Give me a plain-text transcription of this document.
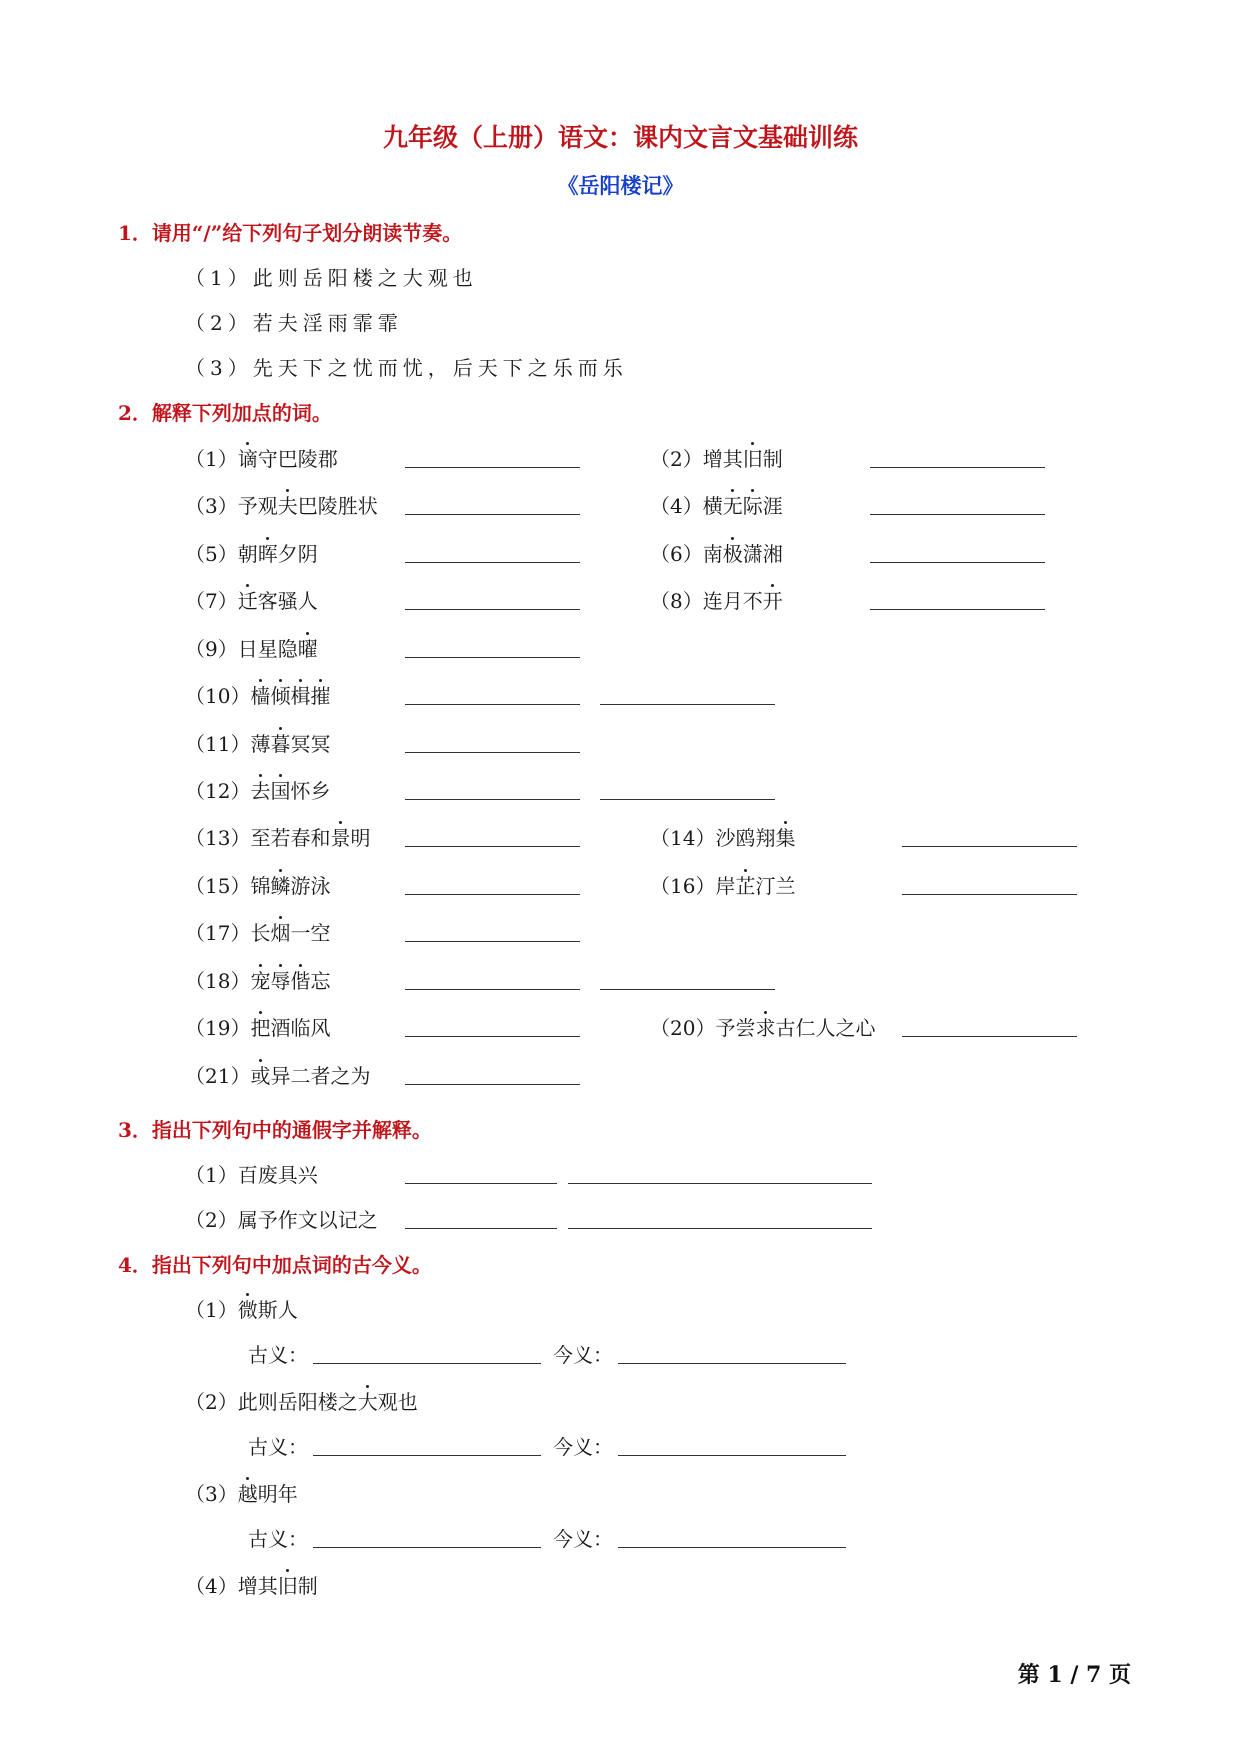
九年级（上册）语文：课内文言文基础训练
《岳阳楼记》
1．请用“/”给下列句子划分朗读节奏。
（1）此则岳阳楼之大观也
（2）若夫淫雨霏霏
（3）先天下之忧而忧，后天下之乐而乐
2．解释下列加点的词。
（1）谪守巴陵郡	（2）增其旧制
（3）予观夫巴陵胜状	（4）横无际涯
（5）朝晖夕阴	（6）南极潇湘
（7）迁客骚人	（8）连月不开
（9）日星隐曜
（10）樯倾楫摧
（11）薄暮冥冥
（12）去国怀乡
（13）至若春和景明	（14）沙鸥翔集
（15）锦鳞游泳	（16）岸芷汀兰
（17）长烟一空
（18）宠辱偕忘
（19）把酒临风	（20）予尝求古仁人之心
（21）或异二者之为
3．指出下列句中的通假字并解释。
（1）百废具兴
（2）属予作文以记之
4．指出下列句中加点词的古今义。
（1）微斯人
古义：	今义：
（2）此则岳阳楼之大观也
古义：	今义：
（3）越明年
古义：	今义：
（4）增其旧制
第 1 / 7 页
